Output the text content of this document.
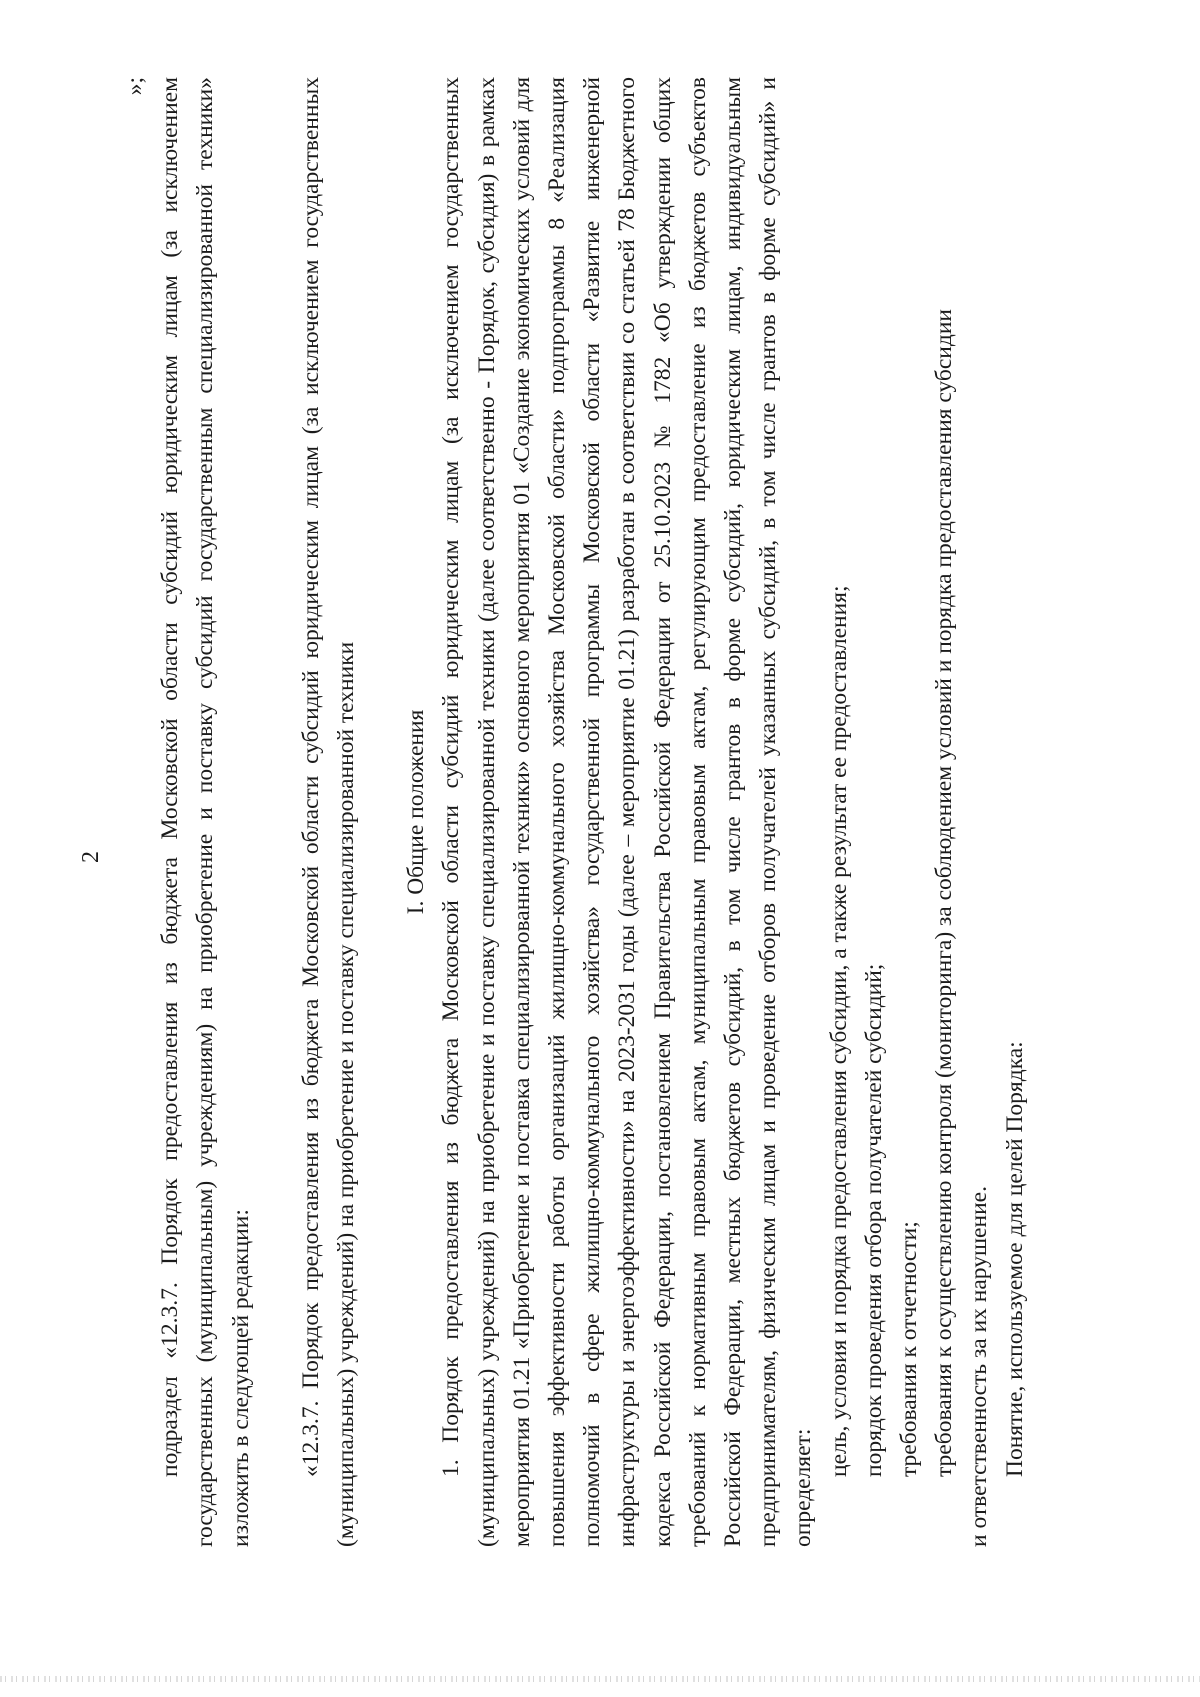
2

»; подраздел «12.3.7. Порядок предоставления из бюджета Московской области субсидий юридическим лицам (за исключением государственных (муниципальным) учреждениям) на приобретение и поставку субсидий государственным специализированной техники» изложить в следующей редакции: «12.3.7. Порядок предоставления из бюджета Московской области субсидий юридическим лицам (за исключением государственных (муниципальных) учреждений) на приобретение и поставку специализированной техники I. Общие положения 1. Порядок предоставления из бюджета Московской области субсидий юридическим лицам (за исключением государственных (муниципальных) учреждений) на приобретение и поставку специализированной техники (далее соответственно - Порядок, субсидия) в рамках мероприятия 01.21 «Приобретение и поставка специализированной техники» основного мероприятия 01 «Создание экономических условий для повышения эффективности работы организаций жилищно-коммунального хозяйства Московской области» подпрограммы 8 «Реализация полномочий в сфере жилищно-коммунального хозяйства» государственной программы Московской области «Развитие инженерной инфраструктуры и энергоэффективности» на 2023-2031 годы (далее – мероприятие 01.21) разработан в соответствии со статьей 78 Бюджетного кодекса Российской Федерации, постановлением Правительства Российской Федерации от 25.10.2023 № 1782 «Об утверждении общих требований к нормативным правовым актам, муниципальным правовым актам, регулирующим предоставление из бюджетов субъектов Российской Федерации, местных бюджетов субсидий, в том числе грантов в форме субсидий, юридическим лицам, индивидуальным предпринимателям, физическим лицам и проведение отборов получателей указанных субсидий, в том числе грантов в форме субсидий» и определяет:

цель, условия и порядка предоставления субсидии, а также результат ее предоставления; порядок проведения отбора получателей субсидий; требования к отчетности; требования к осуществлению контроля (мониторинга) за соблюдением условий и порядка предоставления субсидии и ответственность за их нарушение. Понятие, используемое для целей Порядка:
